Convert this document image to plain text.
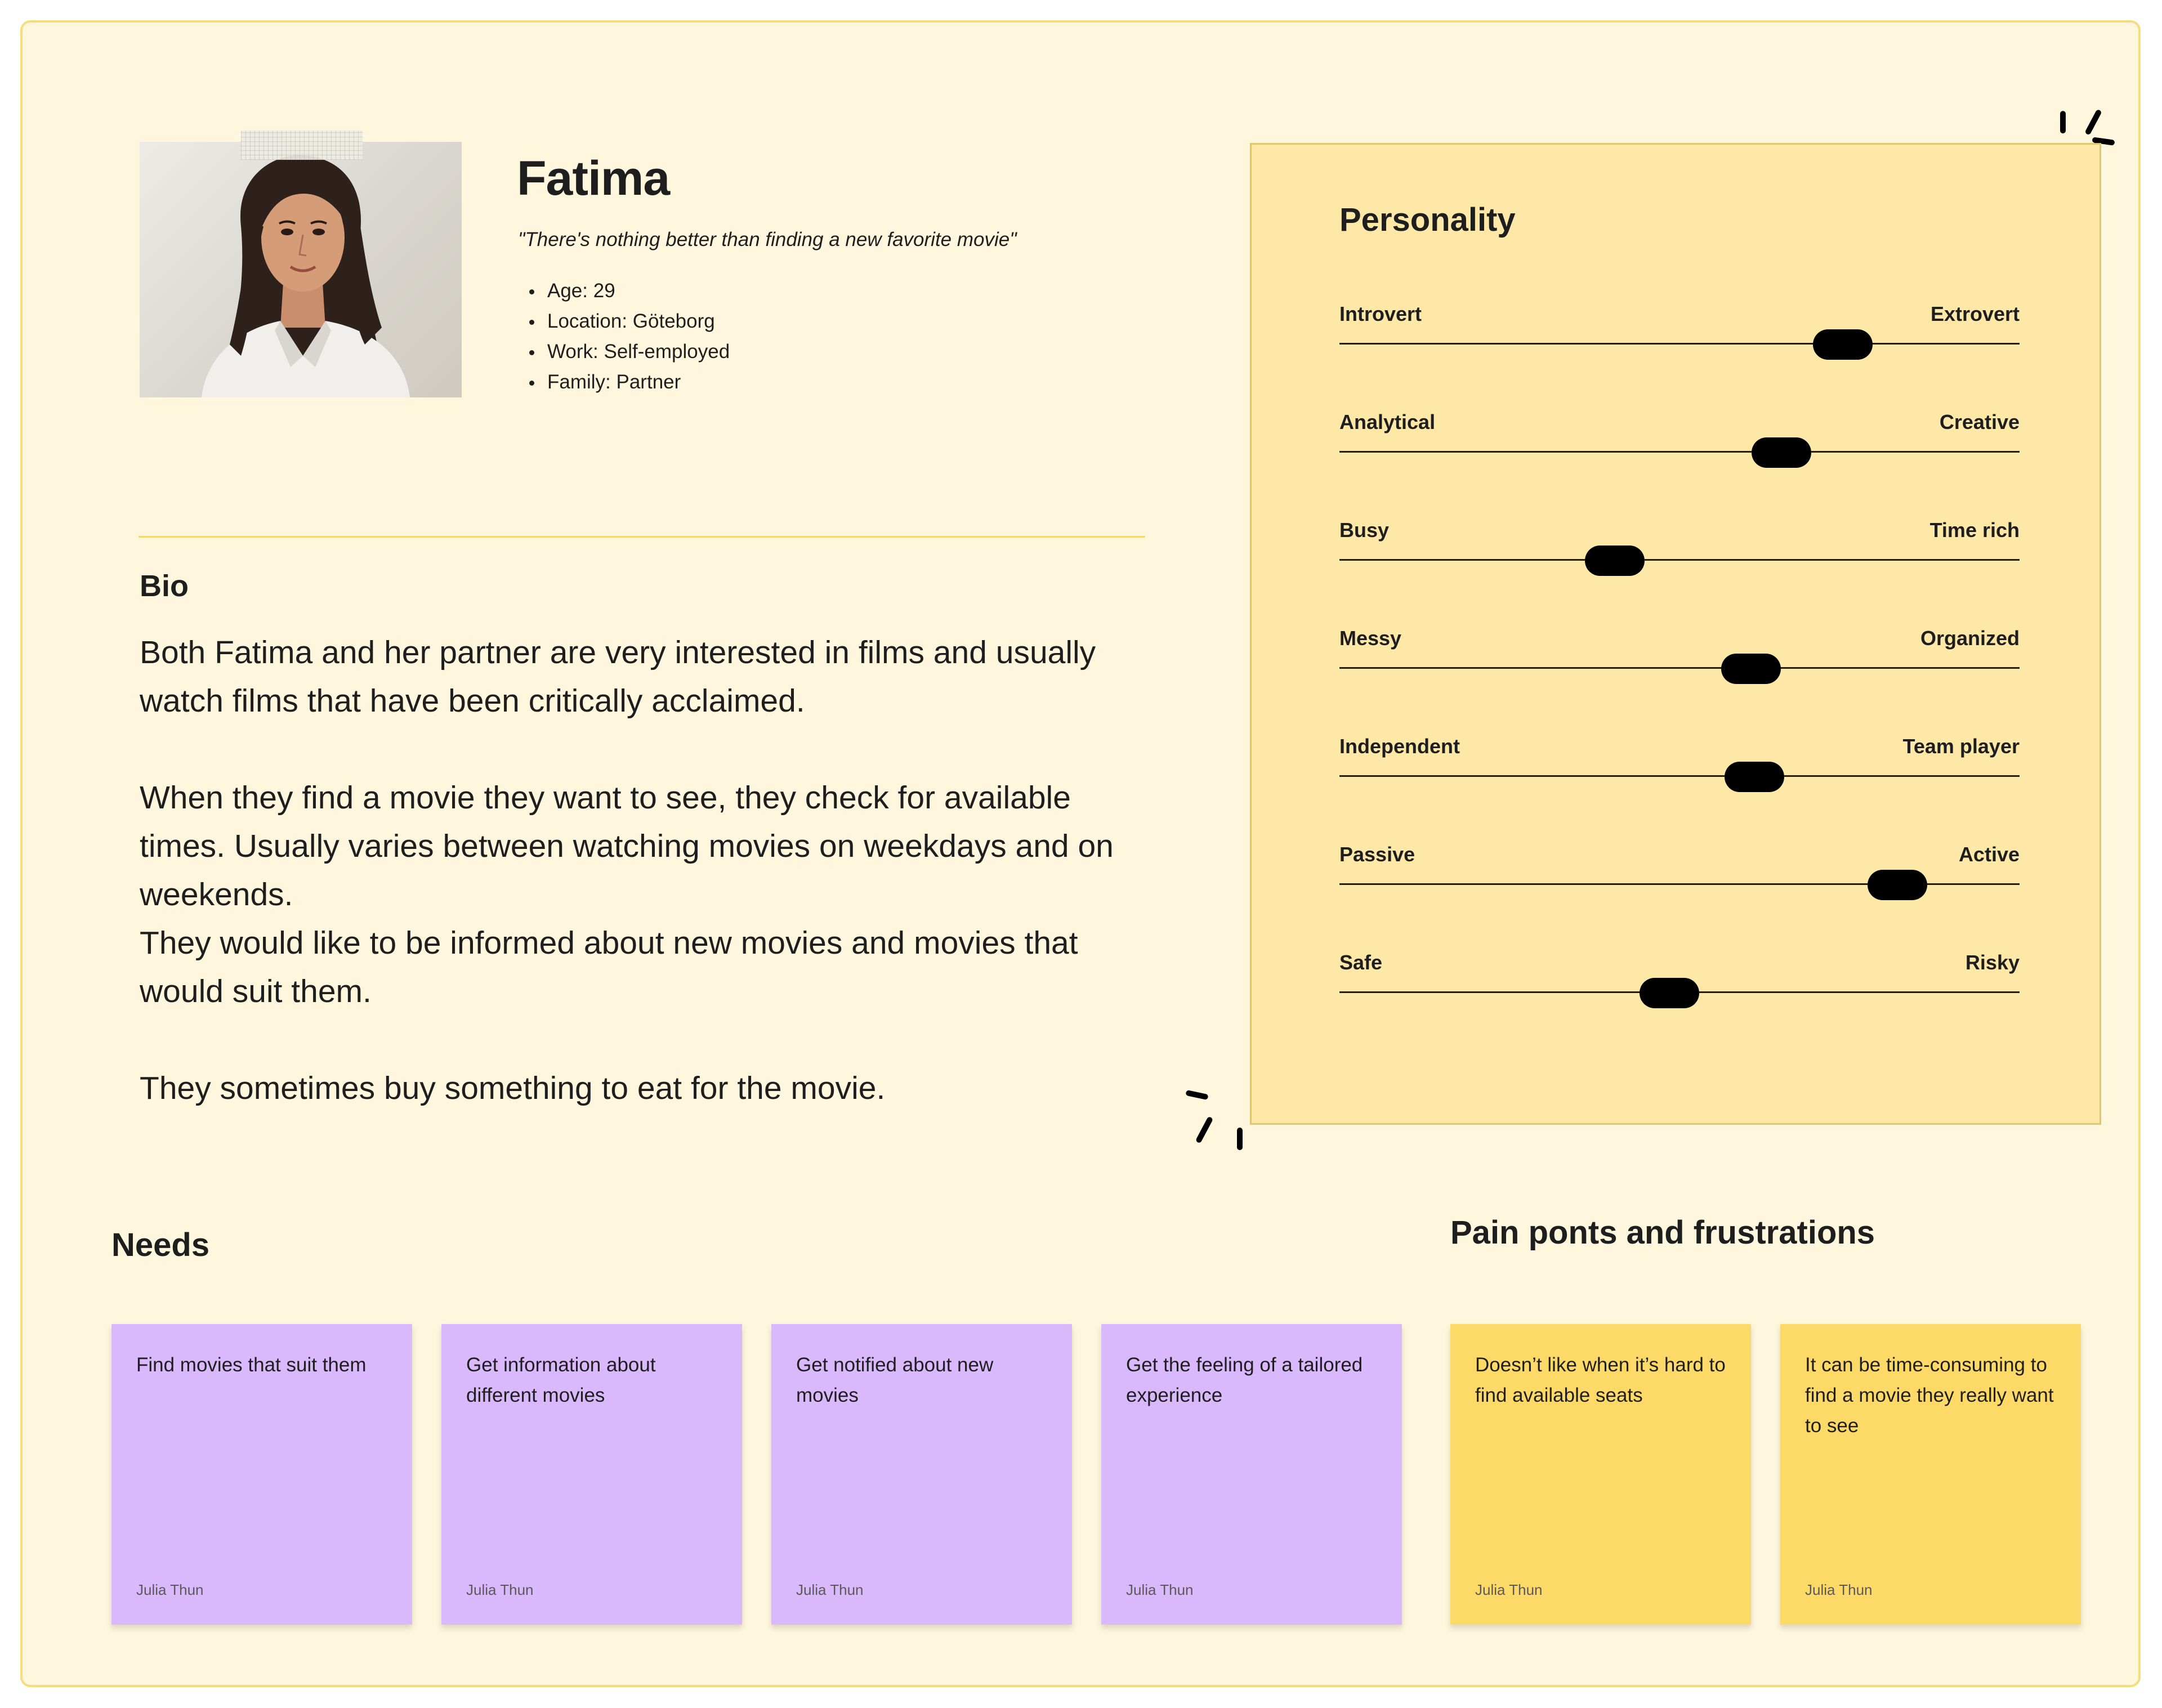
Fatima
"There's nothing better than finding a new favorite movie"
Age: 29
Location: Göteborg
Work: Self-employed
Family: Partner
Bio

Both Fatima and her partner are very interested in films and usually watch films that have been critically acclaimed.

When they find a movie they want to see, they check for available times. Usually varies between watching movies on weekdays and on weekends.

They would like to be informed about new movies and movies that would suit them.

They sometimes buy something to eat for the movie.

Personality
Introvert	Extrovert
Analytical	Creative
Busy	Time rich
Messy	Organized
Independent	Team player
Passive	Active
Safe	Risky
Needs	Pain ponts and frustrations
Find movies that suit them
Julia Thun
Get information about different movies
Julia Thun
Get notified about new movies
Julia Thun
Get the feeling of a tailored experience
Julia Thun
Doesn’t like when it’s hard to find available seats
Julia Thun
It can be time-consuming to find a movie they really want to see
Julia Thun
